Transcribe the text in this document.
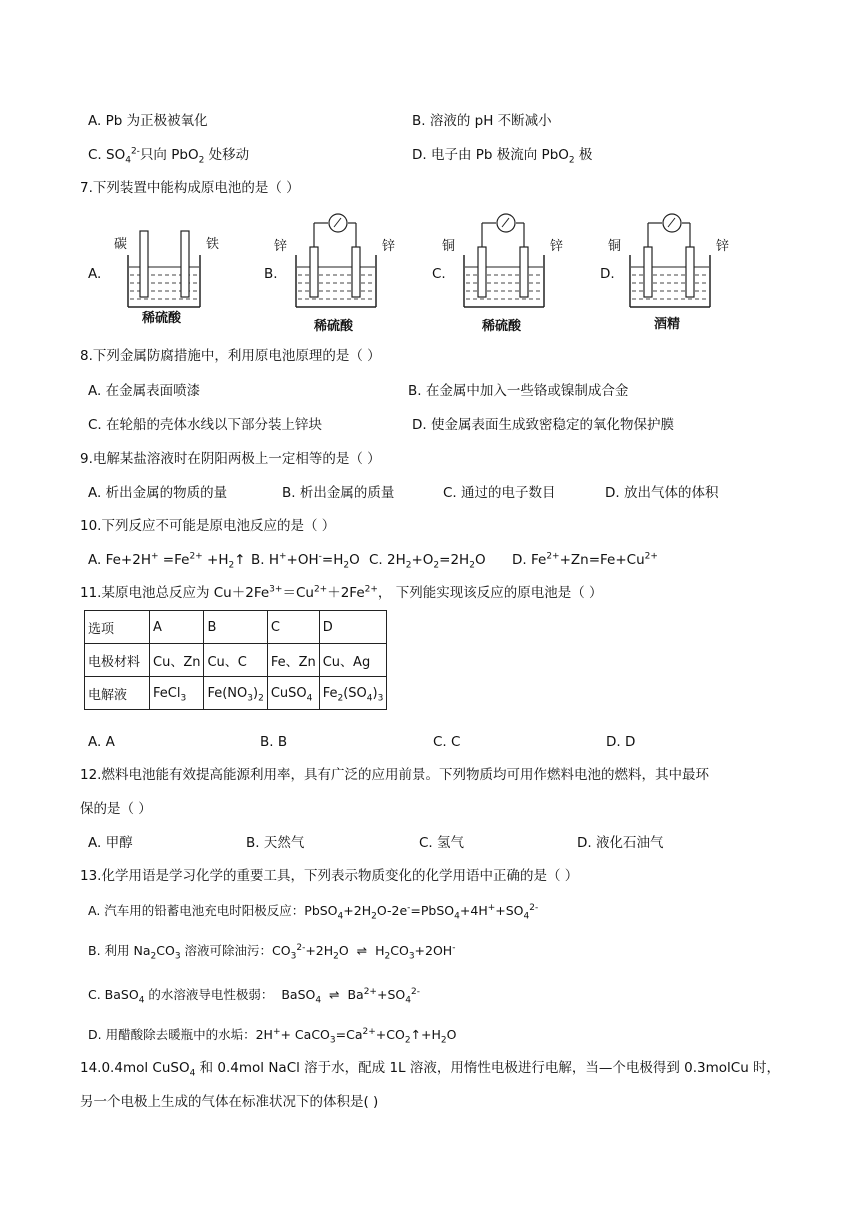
A. Pb 为正极被氧化	B. 溶液的 pH 不断减小
C. $SO_4^{2-}$只向 PbO$_2$ 处移动	D. 电子由 Pb 极流向 PbO$_2$ 极
7.下列装置中能构成原电池的是（ ）
A.	B.	C.	D.
碳	铁
稀硫酸
锌	锌
稀硫酸
铜	锌
稀硫酸
铜	锌
酒精
8.下列金属防腐措施中，利用原电池原理的是（ ）
A. 在金属表面喷漆	B. 在金属中加入一些铬或镍制成合金
C. 在轮船的壳体水线以下部分装上锌块	D. 使金属表面生成致密稳定的氧化物保护膜
9.电解某盐溶液时在阴阳两极上一定相等的是（ ）
A. 析出金属的物质的量	B. 析出金属的质量	C. 通过的电子数目	D. 放出气体的体积
10.下列反应不可能是原电池反应的是（ ）
A. $Fe+2H^+ =Fe^{2+}$ $+H_2↑$ B. $H^++OH^-=H_2O$ C. $2H_2+O_2=2H_2O$ D. $Fe^{2+}+Zn=Fe+Cu^{2+}$
11.某原电池总反应为 $Cu+2Fe^{3+}=Cu^{2+}+2Fe^{2+}$， 下列能实现该反应的原电池是（ ）
选项	A	B	C	D
电极材料	Cu、Zn	Cu、C	Fe、Zn	Cu、Ag
电解液	FeCl$_3$	$Fe(NO_3)_2$	CuSO$_4$	$Fe_2(SO_4)_3$
A. A	B. B	C. C	D. D
12.燃料电池能有效提高能源利用率，具有广泛的应用前景。下列物质均可用作燃料电池的燃料，其中最环
保的是（ ）
A. 甲醇	B. 天然气	C. 氢气	D. 液化石油气
13.化学用语是学习化学的重要工具，下列表示物质变化的化学用语中正确的是（ ）
A. 汽车用的铅蓄电池充电时阳极反应：$PbSO_4+2H_2O-2e^-=PbSO_4+4H^++SO_4^{2-}$
B. 利用 $Na_2CO_3$ 溶液可除油污：$CO_3^{2-}+2H_2O$  ⇌  $H_2CO_3+2OH^-$
C. BaSO$_4$ 的水溶液导电性极弱：  BaSO$_4$  ⇌  $Ba^{2+}+SO_4^{2-}$
D. 用醋酸除去暖瓶中的水垢：$2H^++ CaCO_3=Ca^{2+}+CO_2↑+H_2O$
14.0.4mol CuSO$_4$ 和 0.4mol NaCl 溶于水，配成 1L 溶液，用惰性电极进行电解，当—个电极得到 0.3molCu 时，
另一个电极上生成的气体在标准状况下的体积是( )
